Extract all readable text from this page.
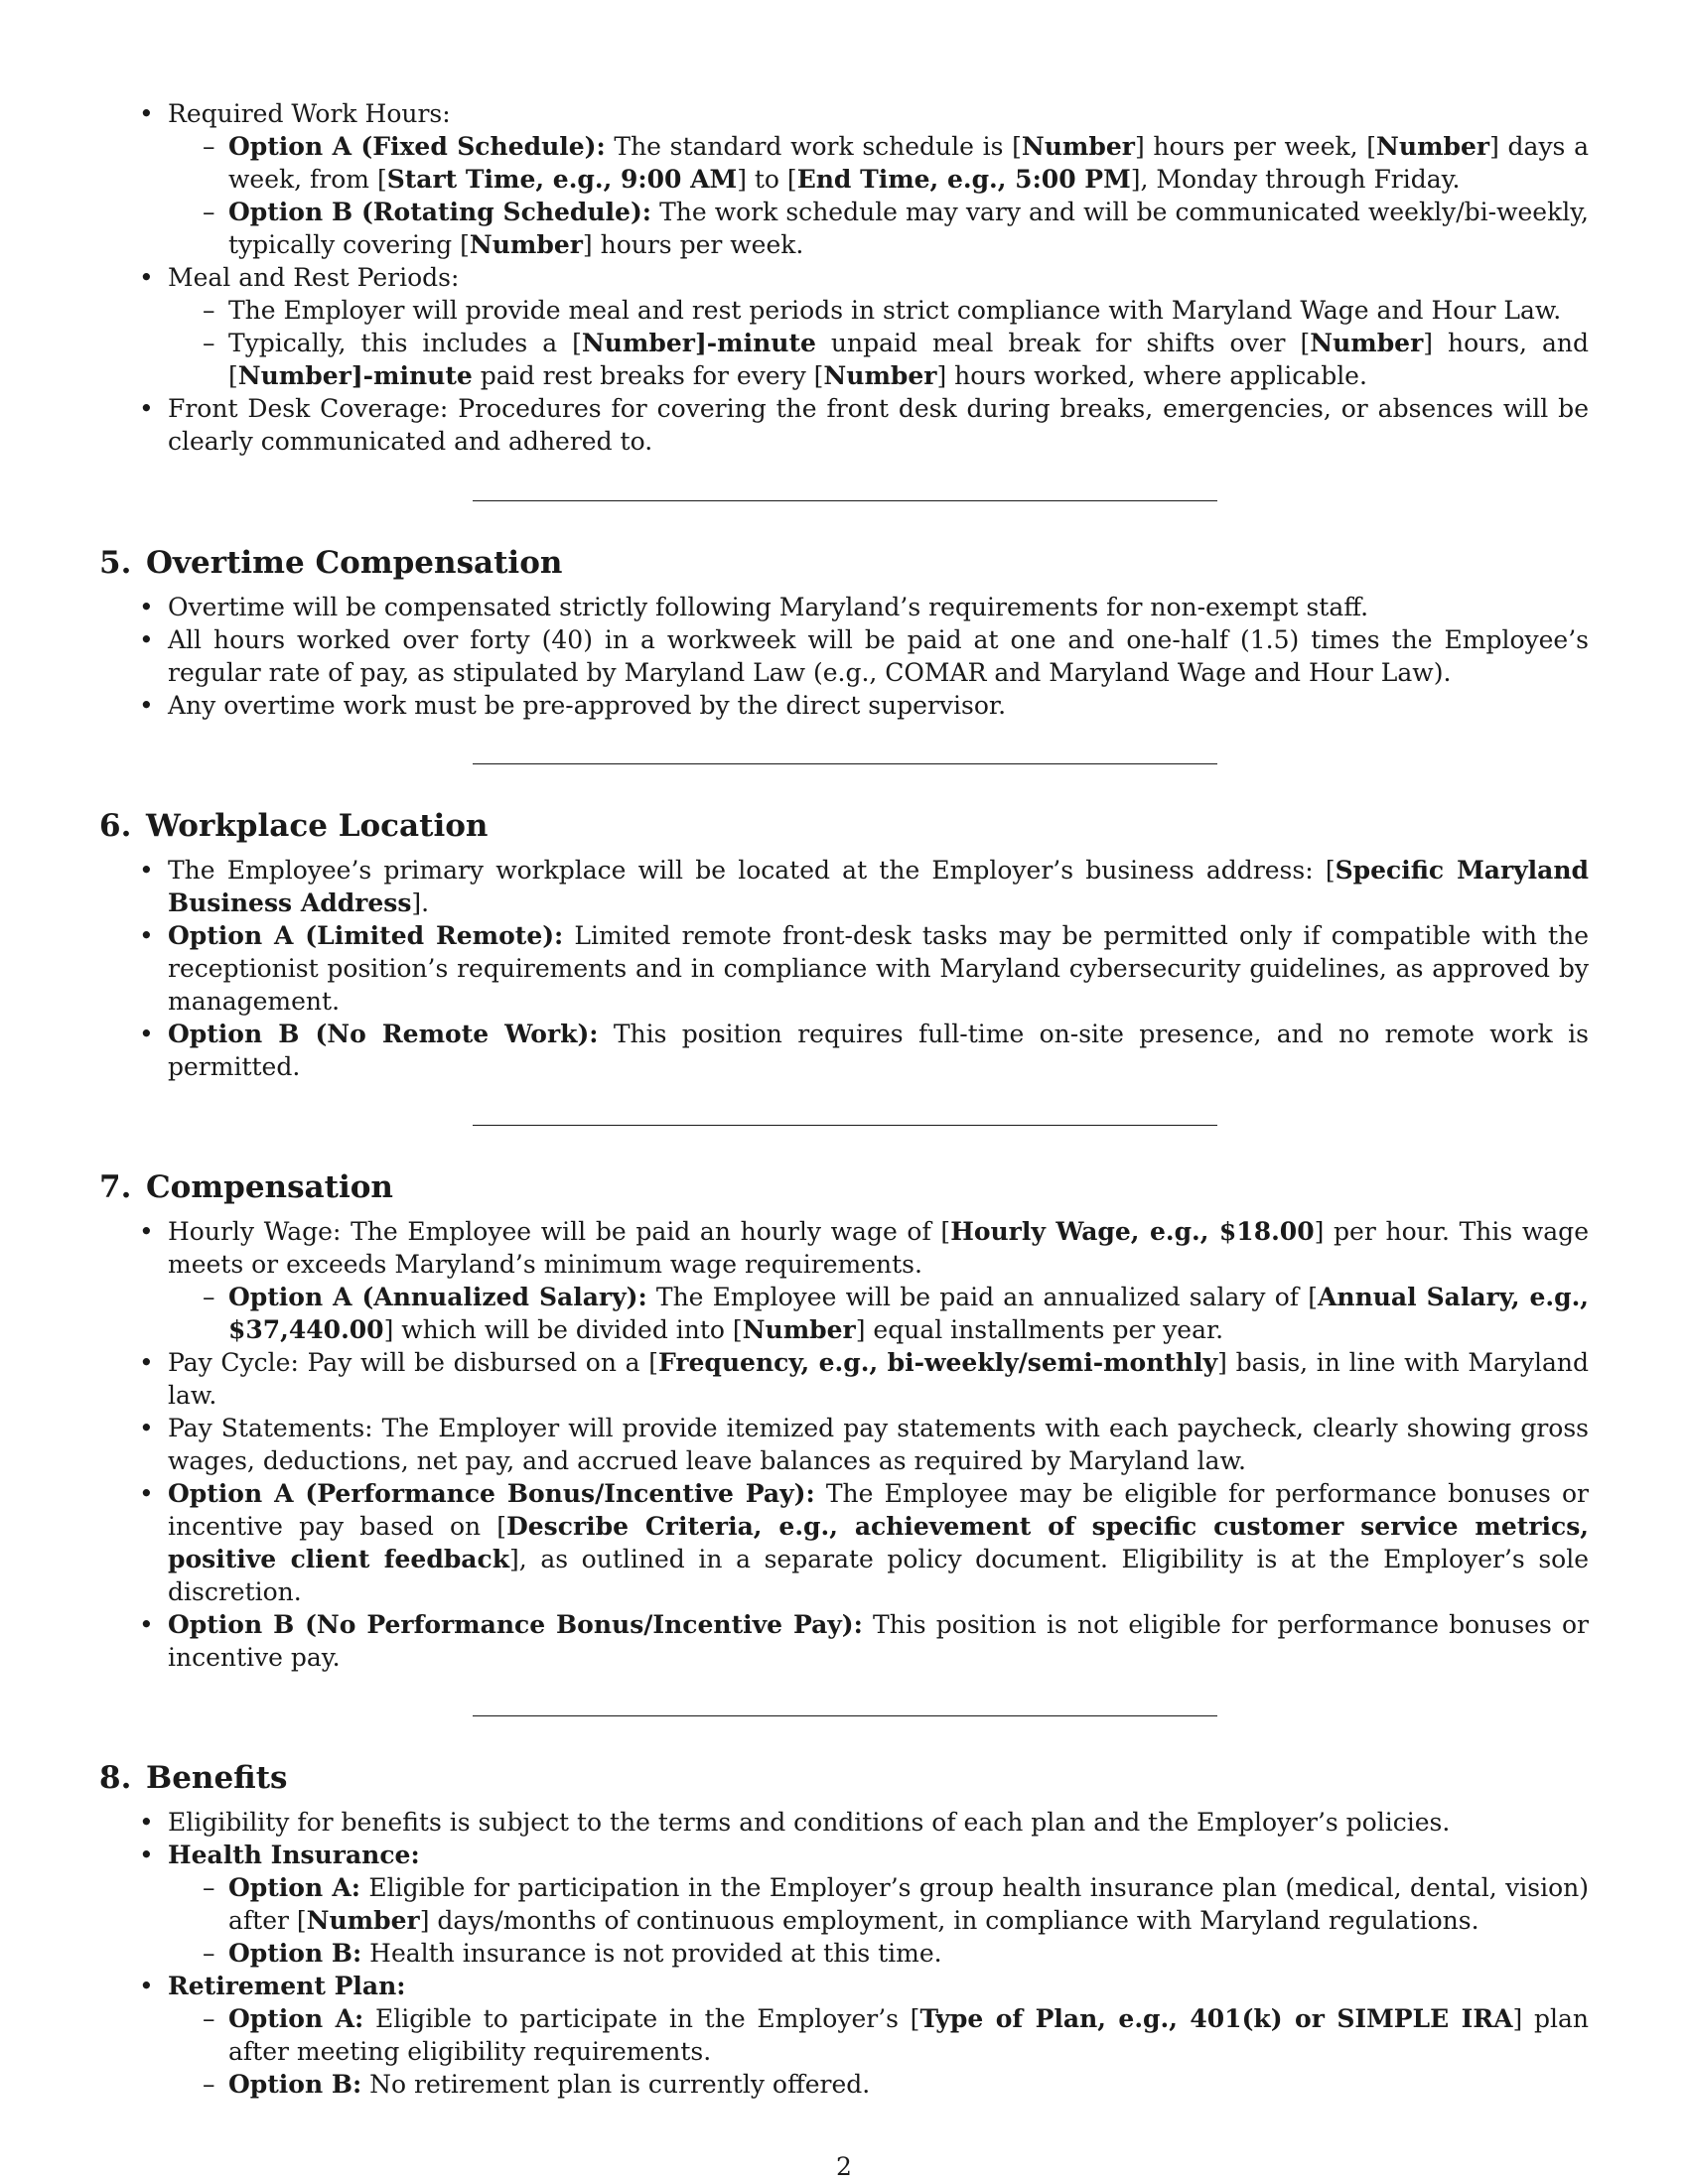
• Required Work Hours:
– Option A (Fixed Schedule): The standard work schedule is [Number] hours per week, [Number] days a week, from [Start Time, e.g., 9:00 AM] to [End Time, e.g., 5:00 PM], Monday through Friday.
– Option B (Rotating Schedule): The work schedule may vary and will be communicated weekly/bi-weekly, typically covering [Number] hours per week.
• Meal and Rest Periods:
– The Employer will provide meal and rest periods in strict compliance with Maryland Wage and Hour Law.
– Typically, this includes a [Number]-minute unpaid meal break for shifts over [Number] hours, and [Number]-minute paid rest breaks for every [Number] hours worked, where applicable.
• Front Desk Coverage: Procedures for covering the front desk during breaks, emergencies, or absences will be clearly communicated and adhered to.
5. Overtime Compensation
• Overtime will be compensated strictly following Maryland’s requirements for non-exempt staff.
• All hours worked over forty (40) in a workweek will be paid at one and one-half (1.5) times the Employee’s regular rate of pay, as stipulated by Maryland Law (e.g., COMAR and Maryland Wage and Hour Law).
• Any overtime work must be pre-approved by the direct supervisor.
6. Workplace Location
• The Employee’s primary workplace will be located at the Employer’s business address: [Specific Maryland Business Address].
• Option A (Limited Remote): Limited remote front-desk tasks may be permitted only if compatible with the receptionist position’s requirements and in compliance with Maryland cybersecurity guidelines, as approved by management.
• Option B (No Remote Work): This position requires full-time on-site presence, and no remote work is permitted.
7. Compensation
• Hourly Wage: The Employee will be paid an hourly wage of [Hourly Wage, e.g., $18.00] per hour. This wage meets or exceeds Maryland’s minimum wage requirements.
– Option A (Annualized Salary): The Employee will be paid an annualized salary of [Annual Salary, e.g., $37,440.00] which will be divided into [Number] equal installments per year.
• Pay Cycle: Pay will be disbursed on a [Frequency, e.g., bi-weekly/semi-monthly] basis, in line with Maryland law.
• Pay Statements: The Employer will provide itemized pay statements with each paycheck, clearly showing gross wages, deductions, net pay, and accrued leave balances as required by Maryland law.
• Option A (Performance Bonus/Incentive Pay): The Employee may be eligible for performance bonuses or incentive pay based on [Describe Criteria, e.g., achievement of specific customer service metrics, positive client feedback], as outlined in a separate policy document. Eligibility is at the Employer’s sole discretion.
• Option B (No Performance Bonus/Incentive Pay): This position is not eligible for performance bonuses or incentive pay.
8. Benefits
• Eligibility for benefits is subject to the terms and conditions of each plan and the Employer’s policies.
• Health Insurance:
– Option A: Eligible for participation in the Employer’s group health insurance plan (medical, dental, vision) after [Number] days/months of continuous employment, in compliance with Maryland regulations.
– Option B: Health insurance is not provided at this time.
• Retirement Plan:
– Option A: Eligible to participate in the Employer’s [Type of Plan, e.g., 401(k) or SIMPLE IRA] plan after meeting eligibility requirements.
– Option B: No retirement plan is currently offered.
2
